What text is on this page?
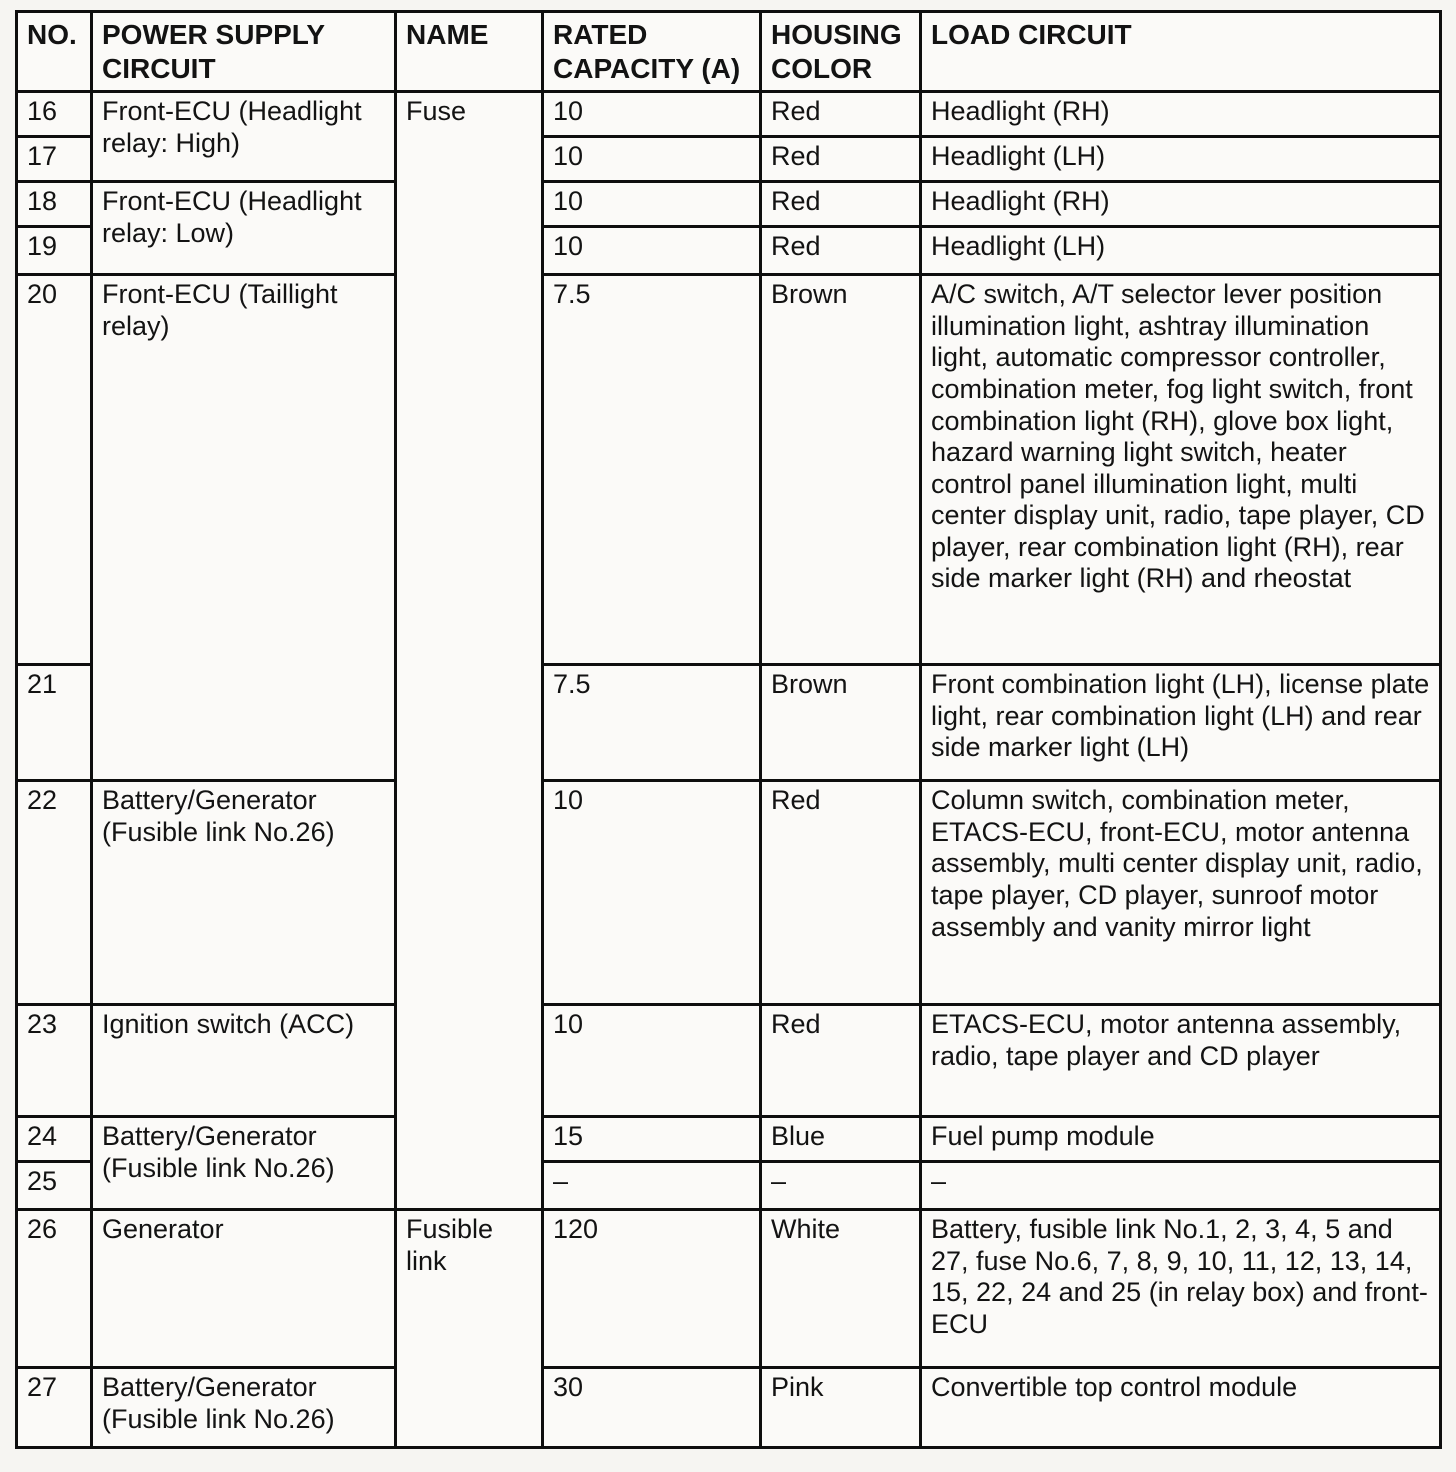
NO.	POWER SUPPLY CIRCUIT	NAME	RATED CAPACITY (A)	HOUSING COLOR	LOAD CIRCUIT
16	Front-ECU (Headlight relay: High)	Fuse	10	Red	Headlight (RH)
17			10	Red	Headlight (LH)
18	Front-ECU (Headlight relay: Low)		10	Red	Headlight (RH)
19			10	Red	Headlight (LH)
20	Front-ECU (Taillight relay)		7.5	Brown	A/C switch, A/T selector lever position illumination light, ashtray illumination light, automatic compressor controller, combination meter, fog light switch, front combination light (RH), glove box light, hazard warning light switch, heater control panel illumination light, multi center display unit, radio, tape player, CD player, rear combination light (RH), rear side marker light (RH) and rheostat
21			7.5	Brown	Front combination light (LH), license plate light, rear combination light (LH) and rear side marker light (LH)
22	Battery/Generator (Fusible link No.26)		10	Red	Column switch, combination meter, ETACS-ECU, front-ECU, motor antenna assembly, multi center display unit, radio, tape player, CD player, sunroof motor assembly and vanity mirror light
23	Ignition switch (ACC)		10	Red	ETACS-ECU, motor antenna assembly, radio, tape player and CD player
24	Battery/Generator (Fusible link No.26)		15	Blue	Fuel pump module
25			–	–	–
26	Generator	Fusible link	120	White	Battery, fusible link No.1, 2, 3, 4, 5 and 27, fuse No.6, 7, 8, 9, 10, 11, 12, 13, 14, 15, 22, 24 and 25 (in relay box) and front-ECU
27	Battery/Generator (Fusible link No.26)		30	Pink	Convertible top control module
